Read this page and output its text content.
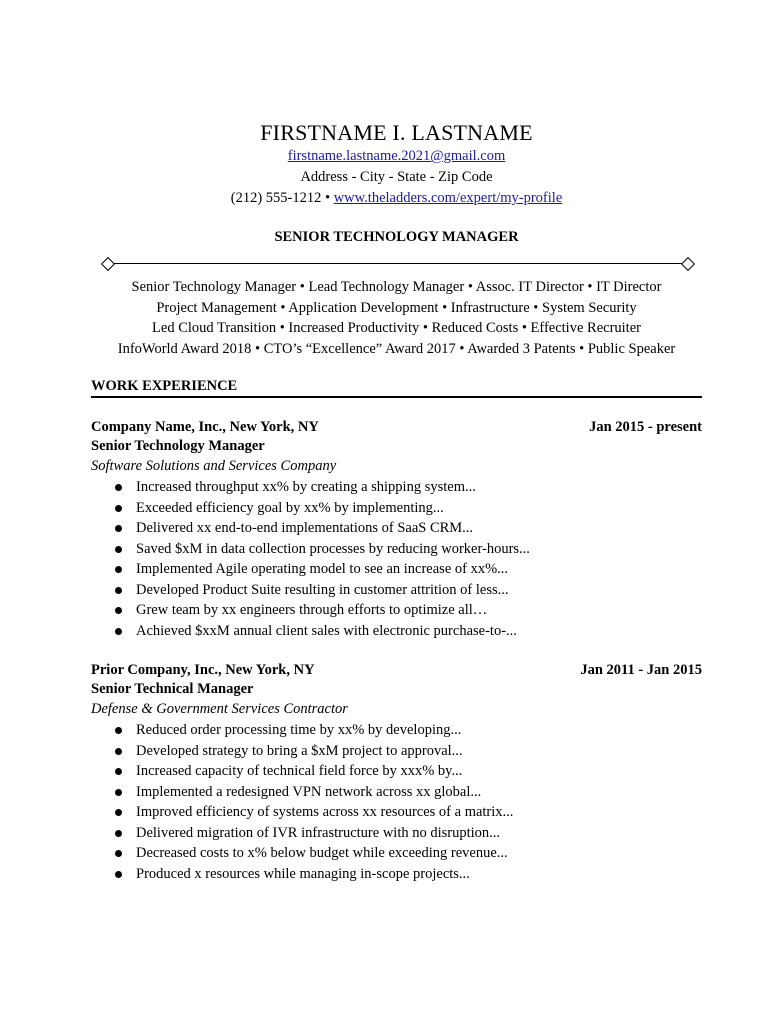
FIRSTNAME I. LASTNAME
firstname.lastname.2021@gmail.com
Address - City - State - Zip Code
(212) 555-1212 • www.theladders.com/expert/my-profile
SENIOR TECHNOLOGY MANAGER
Senior Technology Manager • Lead Technology Manager • Assoc. IT Director • IT Director
Project Management • Application Development • Infrastructure • System Security
Led Cloud Transition • Increased Productivity • Reduced Costs • Effective Recruiter
InfoWorld Award 2018 • CTO’s “Excellence” Award 2017 • Awarded 3 Patents • Public Speaker
WORK EXPERIENCE
Company Name, Inc., New York, NY	Jan 2015 - present
Senior Technology Manager
Software Solutions and Services Company
Increased throughput xx% by creating a shipping system...
Exceeded efficiency goal by xx% by implementing...
Delivered xx end-to-end implementations of SaaS CRM...
Saved $xM in data collection processes by reducing worker-hours...
Implemented Agile operating model to see an increase of xx%...
Developed Product Suite resulting in customer attrition of less...
Grew team by xx engineers through efforts to optimize all…
Achieved $xxM annual client sales with electronic purchase-to-...
Prior Company, Inc., New York, NY	Jan 2011 - Jan 2015
Senior Technical Manager
Defense & Government Services Contractor
Reduced order processing time by xx% by developing...
Developed strategy to bring a $xM project to approval...
Increased capacity of technical field force by xxx% by...
Implemented a redesigned VPN network across xx global...
Improved efficiency of systems across xx resources of a matrix...
Delivered migration of IVR infrastructure with no disruption...
Decreased costs to x% below budget while exceeding revenue...
Produced x resources while managing in-scope projects...
